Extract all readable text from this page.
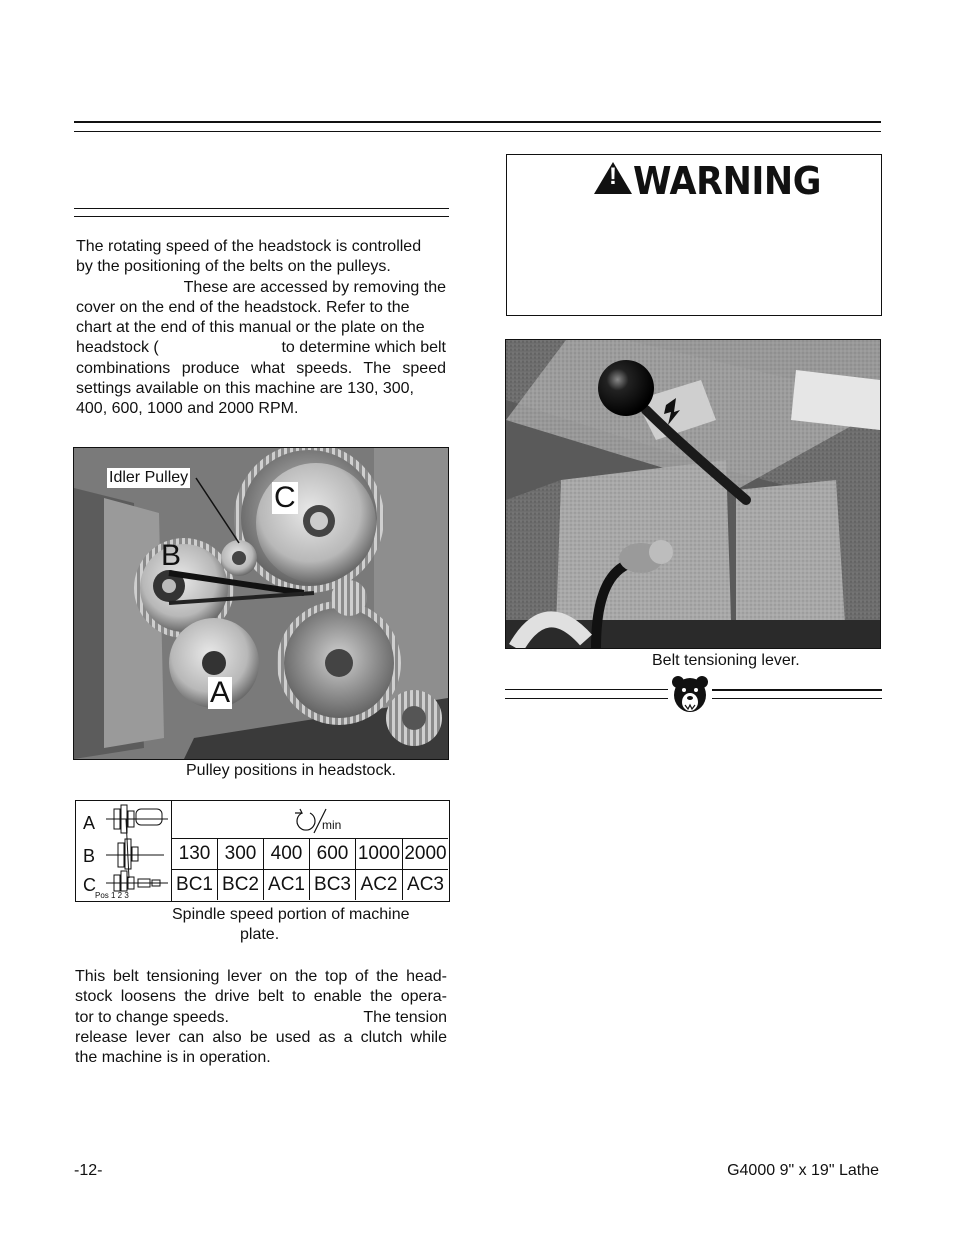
The rotating speed of the headstock is controlled
by the positioning of the belts on the pulleys.
These are accessed by removing the
cover on the end of the headstock. Refer to the
chart at the end of this manual or the plate on the
headstock (	to determine which belt
combinations produce what speeds. The speed
settings available on this machine are 130, 300,
400, 600, 1000 and 2000 RPM.
Idler Pulley
C
B
A
Pulley positions in headstock.
A
B
C
Pos 1 2 3
min
130	300	400	600	1000	2000
BC1	BC2	AC1	BC3	AC2	AC3
Spindle speed portion of machine
plate.
This belt tensioning lever on the top of the head-
stock loosens the drive belt to enable the opera-
tor to change speeds.	The tension
release lever can also be used as a clutch while
the machine is in operation.
! WARNING
Belt tensioning lever.
-12-	G4000 9" x 19" Lathe
